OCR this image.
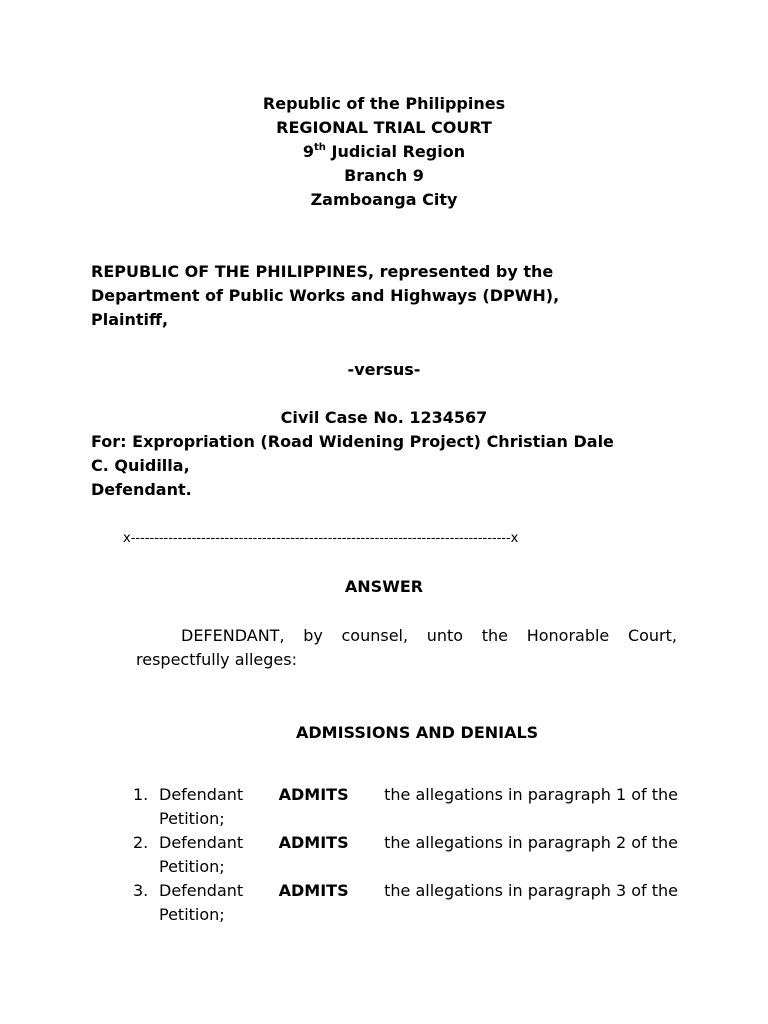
Republic of the Philippines
REGIONAL TRIAL COURT
9th Judicial Region
Branch 9
Zamboanga City
REPUBLIC OF THE PHILIPPINES, represented by the
Department of Public Works and Highways (DPWH),
Plaintiff,
-versus-
Civil Case No. 1234567
For: Expropriation (Road Widening Project) Christian Dale
C. Quidilla,
Defendant.
x---------------------------------------------------------------------------------x
ANSWER
DEFENDANT, by counsel, unto the Honorable Court, respectfully alleges:
ADMISSIONS AND DENIALS
1. Defendant ADMITS the allegations in paragraph 1 of the
Petition;
2. Defendant ADMITS the allegations in paragraph 2 of the
Petition;
3. Defendant ADMITS the allegations in paragraph 3 of the
Petition;
